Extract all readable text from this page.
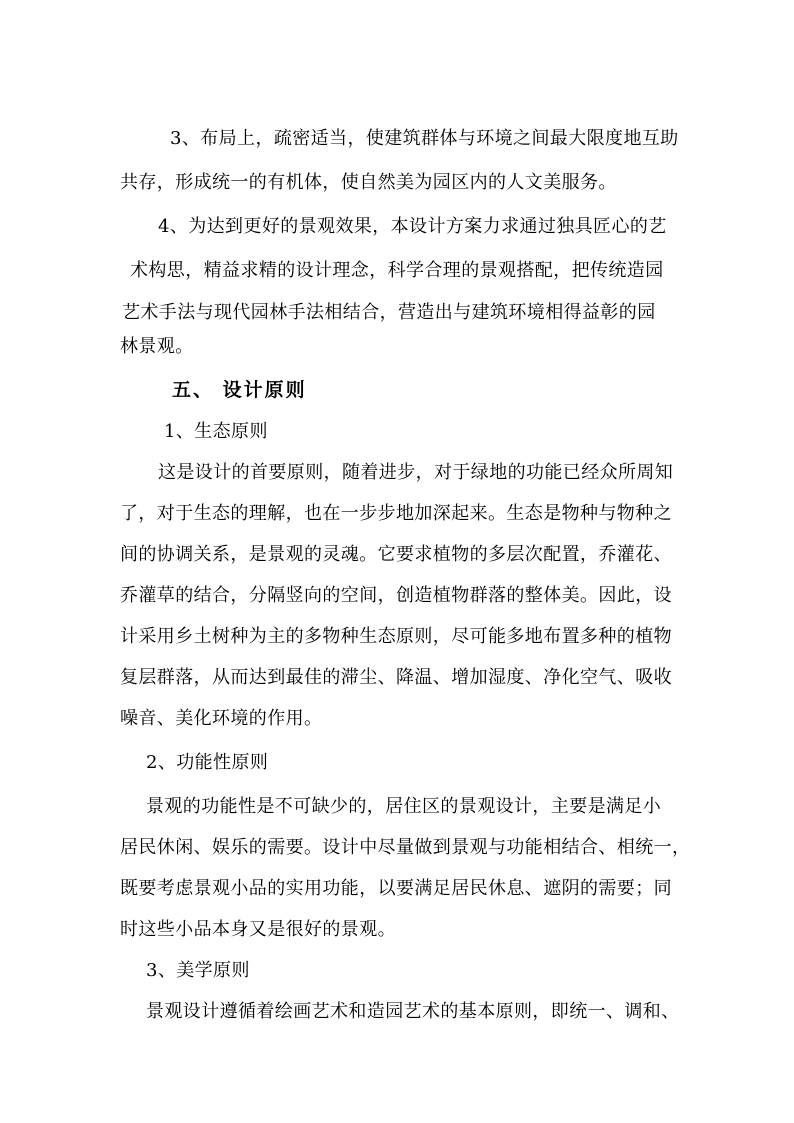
3、布局上，疏密适当，使建筑群体与环境之间最大限度地互助
共存，形成统一的有机体，使自然美为园区内的人文美服务。
4、为达到更好的景观效果，本设计方案力求通过独具匠心的艺
术构思，精益求精的设计理念，科学合理的景观搭配，把传统造园
艺术手法与现代园林手法相结合，营造出与建筑环境相得益彰的园
林景观。
五、 设计原则
1、生态原则
这是设计的首要原则，随着进步，对于绿地的功能已经众所周知
了，对于生态的理解，也在一步步地加深起来。生态是物种与物种之
间的协调关系，是景观的灵魂。它要求植物的多层次配置，乔灌花、
乔灌草的结合，分隔竖向的空间，创造植物群落的整体美。因此，设
计采用乡土树种为主的多物种生态原则，尽可能多地布置多种的植物
复层群落，从而达到最佳的滞尘、降温、增加湿度、净化空气、吸收
噪音、美化环境的作用。
2、功能性原则
景观的功能性是不可缺少的，居住区的景观设计，主要是满足小
居民休闲、娱乐的需要。设计中尽量做到景观与功能相结合、相统一，
既要考虑景观小品的实用功能，以要满足居民休息、遮阴的需要；同
时这些小品本身又是很好的景观。
3、美学原则
景观设计遵循着绘画艺术和造园艺术的基本原则，即统一、调和、
